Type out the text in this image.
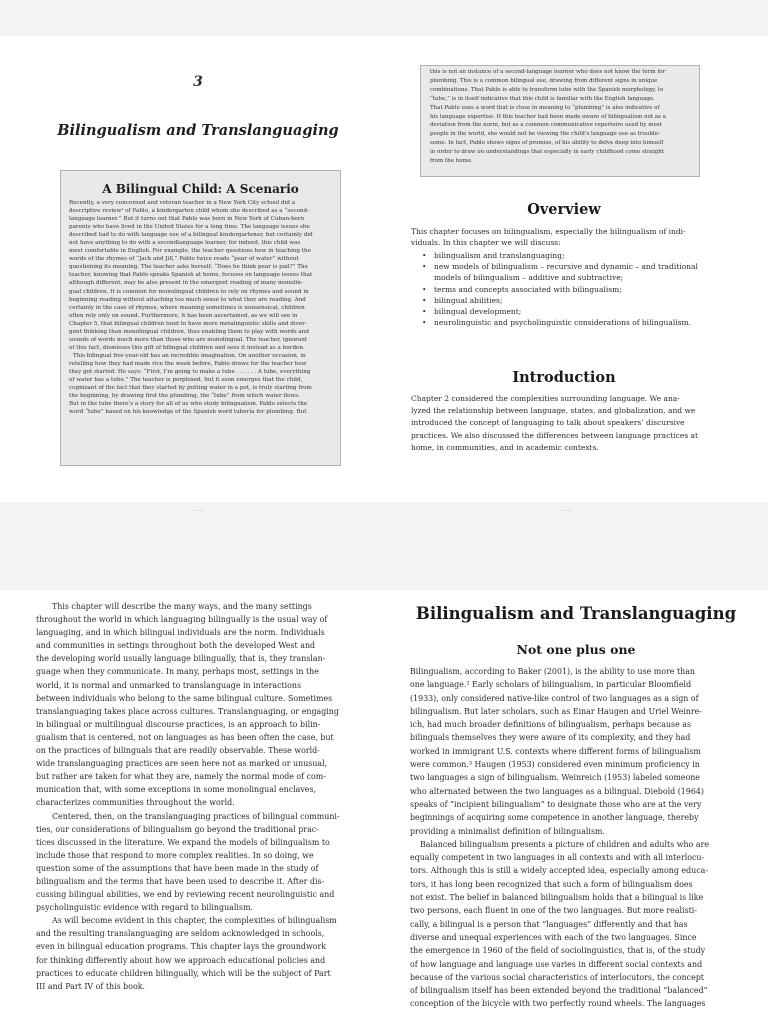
...	...
3
Bilingualism and Translanguaging
A Bilingual Child: A Scenario

Recently, a very concerned and veteran teacher in a New York City school did a
descriptive review¹ of Pablo, a kindergarten child whom she described as a “second-
language learner.” But it turns out that Pablo was born in New York of Cuban-born
parents who have lived in the United States for a long time. The language issues she
described had to do with language use of a bilingual kindergartener, but certainly did
not have anything to do with a secondlanguage learner, for indeed, this child was
most comfortable in English. For example, the teacher questions how in teaching the
words of the rhymes of “Jack and Jill,” Pablo twice reads “pear of water” without
questioning its meaning. The teacher asks herself: “Does he think pear is pail?” The
teacher, knowing that Pablo speaks Spanish at home, focuses on language issues that
although different, may be also present in the emergent reading of many monolin-
gual children. It is common for monolingual children to rely on rhymes and sound in
beginning reading without attaching too much sense to what they are reading. And
certainly in the case of rhymes, where meaning sometimes is nonsensical, children
often rely only on sound. Furthermore, it has been ascertained, as we will see in
Chapter 5, that bilingual children tend to have more metalinguistic skills and diver-
gent thinking than monolingual children, thus enabling them to play with words and
sounds of words much more than those who are monolingual. The teacher, ignorant
of this fact, dismisses this gift of bilingual children and sees it instead as a burden.

This bilingual five-year-old has an incredible imagination. On another occasion, in
retelling how they had made rice the week before, Pablo draws for the teacher how
they got started. He says: “First, I’m going to make a tube . . . . . . A tube, everything
of water has a tube.” The teacher is perplexed, but it soon emerges that the child,
cognizant of the fact that they started by putting water in a pot, is truly starting from
the beginning, by drawing first the plumbing, the “tube” from which water flows.
But in the tube there’s a story for all of us who study bilingualism. Pablo selects the
word “tube” based on his knowledge of the Spanish word tubería for plumbing. But

this is not an instance of a second-language learner who does not know the term for
plumbing. This is a common bilingual use, drawing from different signs in unique
combinations. That Pablo is able to transform tube with the Spanish morphology, to
“tube,” is in itself indicative that this child is familiar with the English language.
That Pablo uses a word that is close in meaning to “plumbing” is also indicative of
his language expertise. If this teacher had been made aware of bilingualism not as a
deviation from the norm, but as a common communicative repertoire used by most
people in the world, she would not be viewing the child’s language use as trouble-
some. In fact, Pablo shows signs of promise, of his ability to delve deep into himself
in order to draw on understandings that especially in early childhood come straight
from the home.

Overview

This chapter focuses on bilingualism, especially the bilingualism of indi-
viduals. In this chapter we will discuss:

• bilingualism and translanguaging;
• new models of bilingualism – recursive and dynamic – and traditional
models of bilingualism – additive and subtractive;
• terms and concepts associated with bilingualism;
• bilingual abilities;
• bilingual development;
• neurolinguistic and psycholinguistic considerations of bilingualism.
Introduction

Chapter 2 considered the complexities surrounding language. We ana-
lyzed the relationship between language, states, and globalization, and we
introduced the concept of languaging to talk about speakers’ discursive
practices. We also discussed the differences between language practices at
home, in communities, and in academic contexts.

This chapter will describe the many ways, and the many settings
throughout the world in which languaging bilingually is the usual way of
languaging, and in which bilingual individuals are the norm. Individuals
and communities in settings throughout both the developed West and
the developing world usually language bilingually, that is, they translan-
guage when they communicate. In many, perhaps most, settings in the
world, it is normal and unmarked to translanguage in interactions
between individuals who belong to the same bilingual culture. Sometimes
translanguaging takes place across cultures. Translanguaging, or engaging
in bilingual or multilingual discourse practices, is an approach to bilin-
gualism that is centered, not on languages as has been often the case, but
on the practices of bilinguals that are readily observable. These world-
wide translanguaging practices are seen here not as marked or unusual,
but rather are taken for what they are, namely the normal mode of com-
munication that, with some exceptions in some monolingual enclaves,
characterizes communities throughout the world.

Centered, then, on the translanguaging practices of bilingual communi-
ties, our considerations of bilingualism go beyond the traditional prac-
tices discussed in the literature. We expand the models of bilingualism to
include those that respond to more complex realities. In so doing, we
question some of the assumptions that have been made in the study of
bilingualism and the terms that have been used to describe it. After dis-
cussing bilingual abilities, we end by reviewing recent neurolinguistic and
psycholinguistic evidence with regard to bilingualism.

As will become evident in this chapter, the complexities of bilingualism
and the resulting translanguaging are seldom acknowledged in schools,
even in bilingual education programs. This chapter lays the groundwork
for thinking differently about how we approach educational policies and
practices to educate children bilingually, which will be the subject of Part
III and Part IV of this book.

Bilingualism and Translanguaging
Not one plus one

Bilingualism, according to Baker (2001), is the ability to use more than
one language.² Early scholars of bilingualism, in particular Bloomfield
(1933), only considered native-like control of two languages as a sign of
bilingualism. But later scholars, such as Einar Haugen and Uriel Weinre-
ich, had much broader definitions of bilingualism, perhaps because as
bilinguals themselves they were aware of its complexity, and they had
worked in immigrant U.S. contexts where different forms of bilingualism
were common.³ Haugen (1953) considered even minimum proficiency in
two languages a sign of bilingualism. Weinreich (1953) labeled someone
who alternated between the two languages as a bilingual. Diebold (1964)
speaks of “incipient bilingualism” to designate those who are at the very
beginnings of acquiring some competence in another language, thereby
providing a minimalist definition of bilingualism.

Balanced bilingualism presents a picture of children and adults who are
equally competent in two languages in all contexts and with all interlocu-
tors. Although this is still a widely accepted idea, especially among educa-
tors, it has long been recognized that such a form of bilingualism does
not exist. The belief in balanced bilingualism holds that a bilingual is like
two persons, each fluent in one of the two languages. But more realisti-
cally, a bilingual is a person that “languages” differently and that has
diverse and unequal experiences with each of the two languages. Since
the emergence in 1960 of the field of sociolinguistics, that is, of the study
of how language and language use varies in different social contexts and
because of the various social characteristics of interlocutors, the concept
of bilingualism itself has been extended beyond the traditional “balanced”
conception of the bicycle with two perfectly round wheels. The languages
